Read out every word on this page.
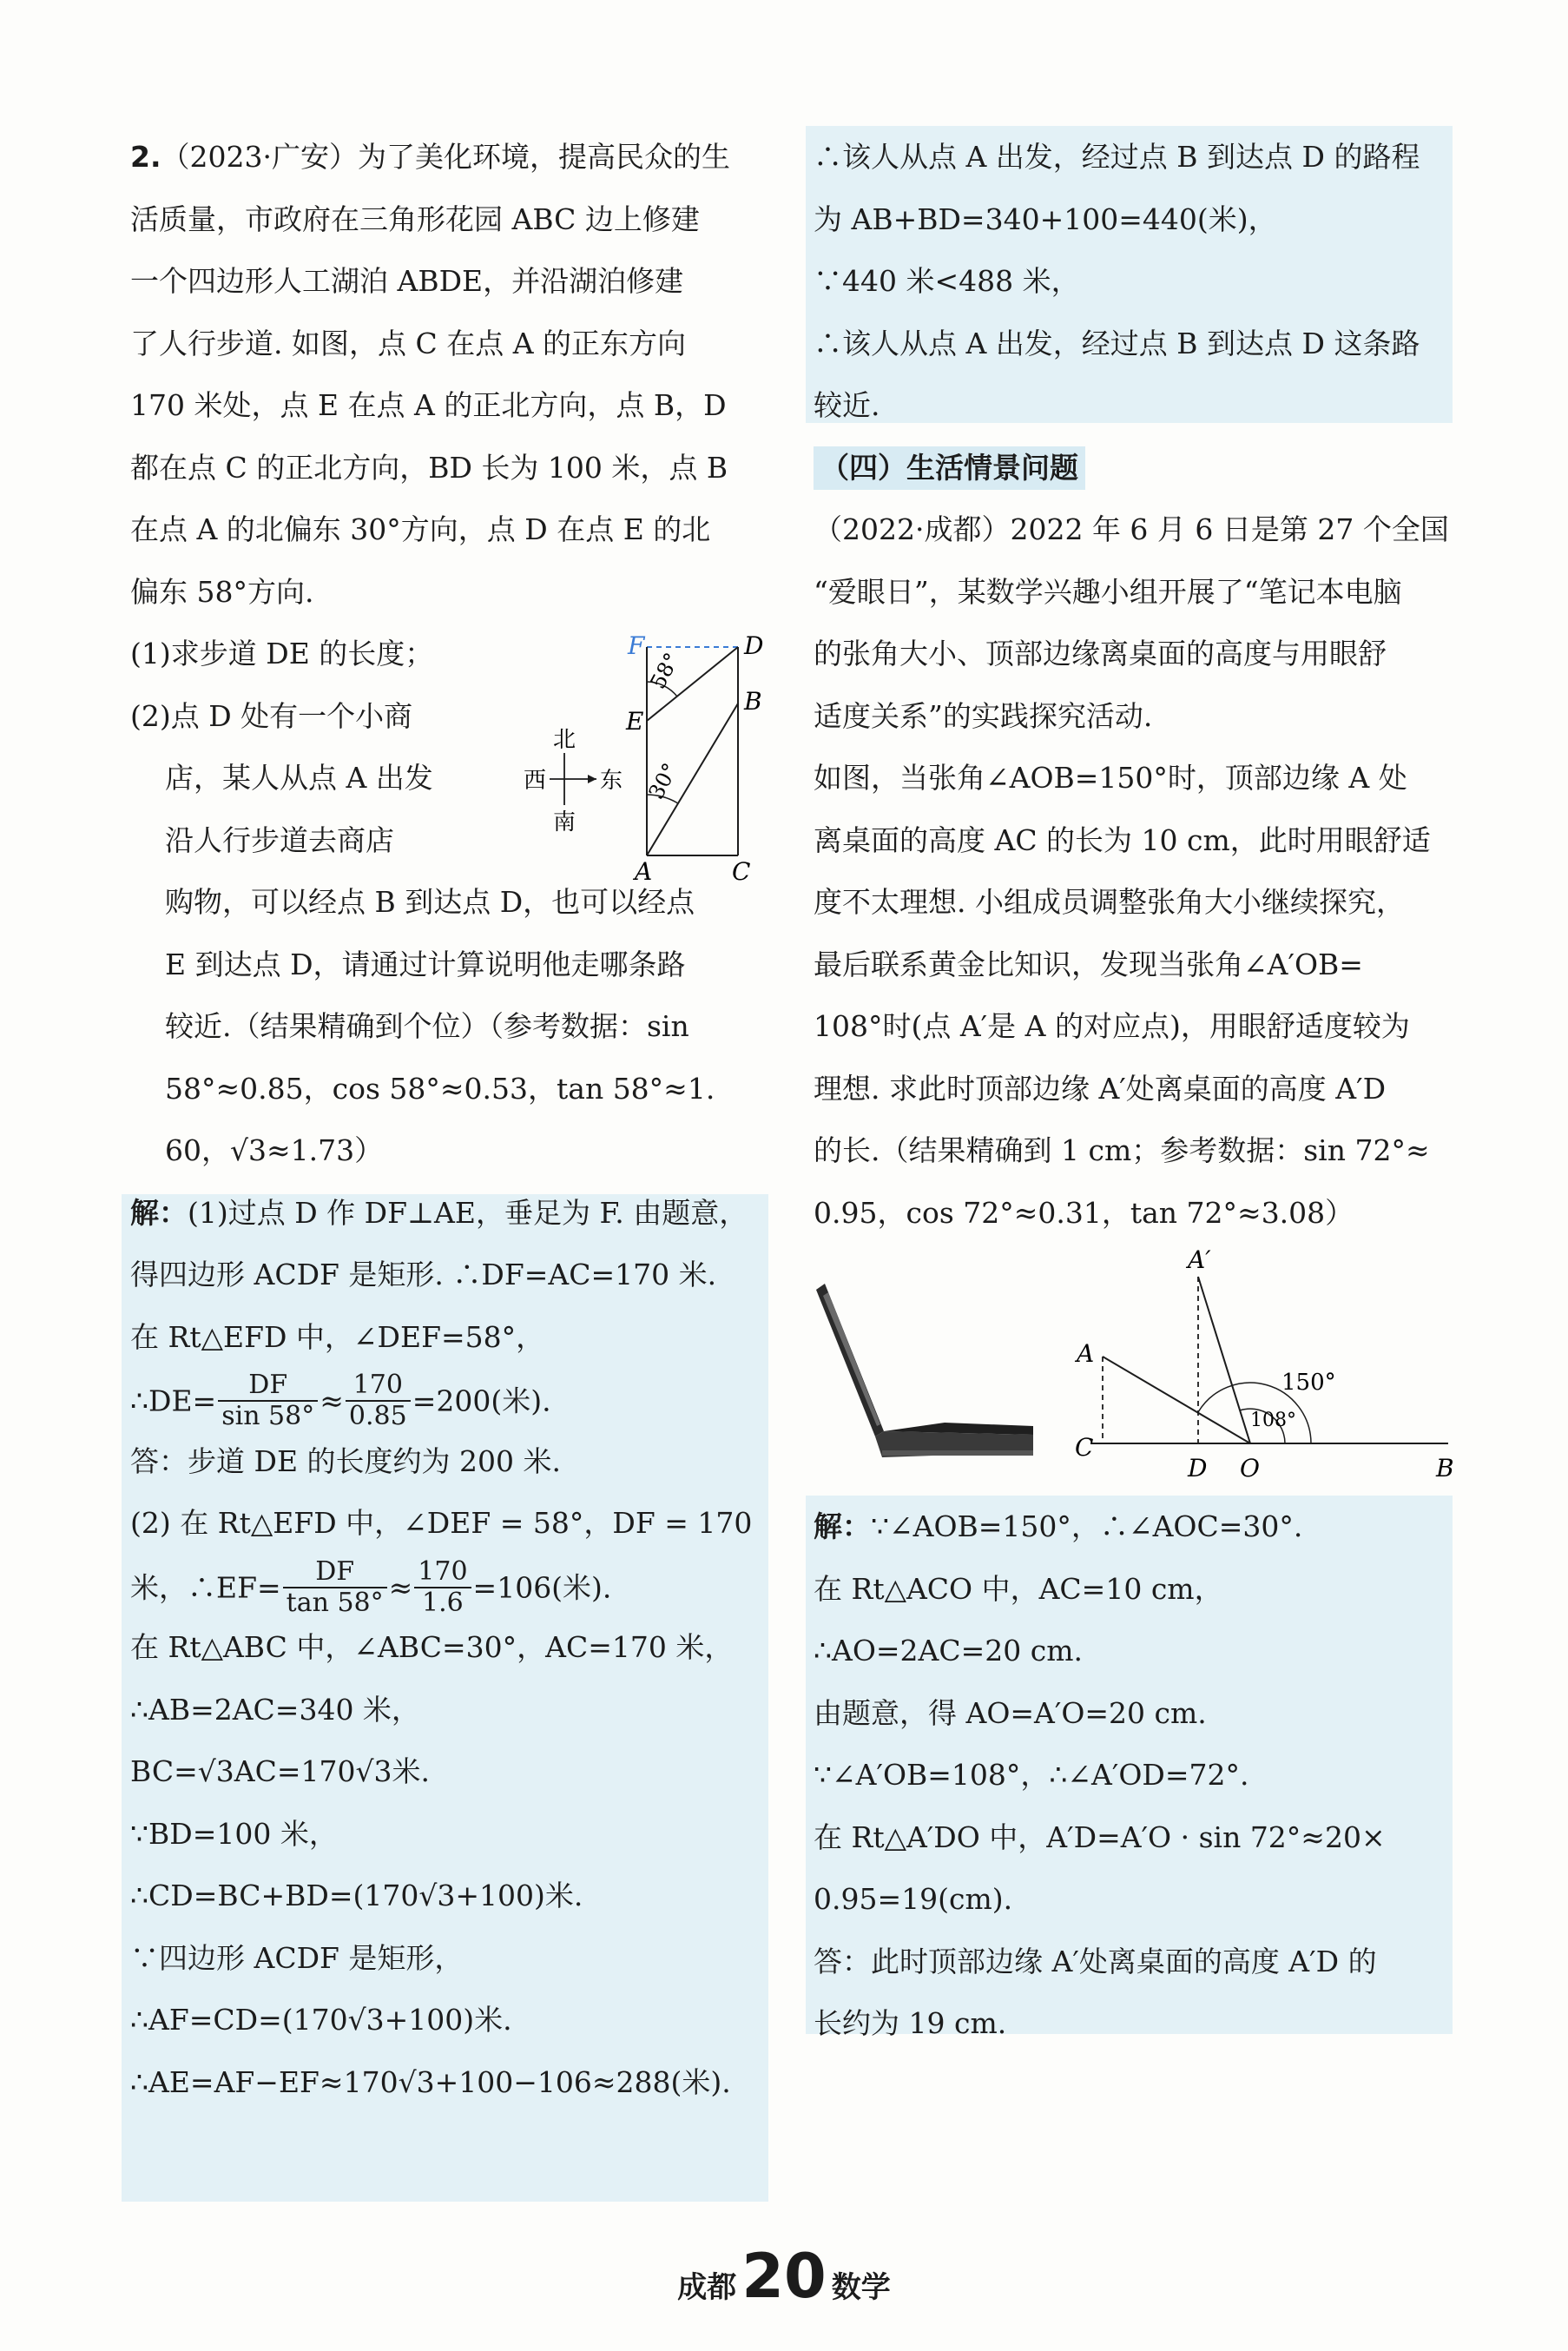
2.（2023·广安）为了美化环境，提高民众的生
活质量，市政府在三角形花园 ABC 边上修建
一个四边形人工湖泊 ABDE，并沿湖泊修建
了人行步道. 如图，点 C 在点 A 的正东方向
170 米处，点 E 在点 A 的正北方向，点 B，D
都在点 C 的正北方向，BD 长为 100 米，点 B
在点 A 的北偏东 30°方向，点 D 在点 E 的北
偏东 58°方向.
(1)求步道 DE 的长度；
(2)点 D 处有一个小商
店，某人从点 A 出发
沿人行步道去商店
购物，可以经点 B 到达点 D，也可以经点
E 到达点 D，请通过计算说明他走哪条路
较近.（结果精确到个位）（参考数据：sin
58°≈0.85，cos 58°≈0.53，tan 58°≈1.
60，√3≈1.73）
解：(1)过点 D 作 DF⊥AE，垂足为 F. 由题意，
得四边形 ACDF 是矩形. ∴DF=AC=170 米.
在 Rt△EFD 中，∠DEF=58°，
∴DE= $\frac{DF}{\sin 58^\circ} \approx \frac{170}{0.85} =200$(米).
答：步道 DE 的长度约为 200 米.
(2) 在 Rt△EFD 中，∠DEF = 58°，DF = 170
米，∴EF= $\frac{DF}{\tan 58^\circ} \approx \frac{170}{1.6} =106$(米).
在 Rt△ABC 中，∠ABC=30°，AC=170 米，
∴AB=2AC=340 米，
BC=√3AC=170√3米.
∵BD=100 米，
∴CD=BC+BD=(170√3+100)米.
∵四边形 ACDF 是矩形，
∴AF=CD=(170√3+100)米.
∴AE=AF−EF≈170√3+100−106≈288(米).
F	D
B
E
A	C
58°
30°
北
南
东
西
∴该人从点 A 出发，经过点 B 到达点 D 的路程
为 AB+BD=340+100=440(米)，
∵440 米<488 米，
∴该人从点 A 出发，经过点 B 到达点 D 这条路
较近.
（四）生活情景问题
（2022·成都）2022 年 6 月 6 日是第 27 个全国
“爱眼日”，某数学兴趣小组开展了“笔记本电脑
的张角大小、顶部边缘离桌面的高度与用眼舒
适度关系”的实践探究活动.
如图，当张角∠AOB=150°时，顶部边缘 A 处
离桌面的高度 AC 的长为 10 cm，此时用眼舒适
度不太理想. 小组成员调整张角大小继续探究，
最后联系黄金比知识，发现当张角∠A′OB=
108°时(点 A′是 A 的对应点)，用眼舒适度较为
理想. 求此时顶部边缘 A′处离桌面的高度 A′D
的长.（结果精确到 1 cm；参考数据：sin 72°≈
0.95，cos 72°≈0.31，tan 72°≈3.08）
A′
A
C
D O	B
150°
108°
解：∵∠AOB=150°，∴∠AOC=30°.
在 Rt△ACO 中，AC=10 cm，
∴AO=2AC=20 cm.
由题意，得 AO=A′O=20 cm.
∵∠A′OB=108°，∴∠A′OD=72°.
在 Rt△A′DO 中，A′D=A′O · sin 72°≈20×
0.95=19(cm).
答：此时顶部边缘 A′处离桌面的高度 A′D 的
长约为 19 cm.
成都20 数学
